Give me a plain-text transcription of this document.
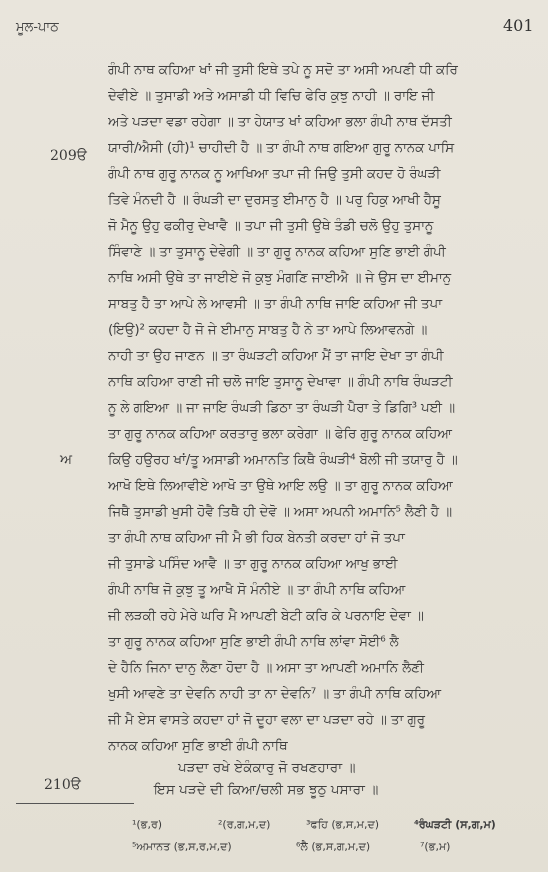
ਮੂਲ-ਪਾਠ	401
209ੳ
ਅ
210ੳ
ਗੰਪੀ ਨਾਥ ਕਹਿਆ ਖਾਂ ਜੀ ਤੁਸੀ ਇਥੇ ਤਪੇ ਨੂ ਸਦੋ ਤਾ ਅਸੀ ਅਪਣੀ ਧੀ ਕਰਿ
ਦੇਵੀਏ ॥ ਤੁਸਾਡੀ ਅਤੇ ਅਸਾਡੀ ਧੀ ਵਿਚਿ ਫੇਰਿ ਕੁਝੁ ਨਾਹੀ ॥ ਰਾਇ ਜੀ
ਅਤੇ ਪੜਦਾ ਵਡਾ ਰਹੇਗਾ ॥ ਤਾ ਹੇਯਾਤ ਖਾਂ ਕਹਿਆ ਭਲਾ ਗੰਪੀ ਨਾਥ ਦੱਸਤੀ
ਯਾਰੀ/ਐਸੀ (ਹੀ)¹ ਚਾਹੀਦੀ ਹੈ ॥ ਤਾ ਗੰਪੀ ਨਾਥ ਗਇਆ ਗੁਰੂ ਨਾਨਕ ਪਾਸਿ
ਗੰਪੀ ਨਾਥ ਗੁਰੂ ਨਾਨਕ ਨੂ ਆਖਿਆ ਤਪਾ ਜੀ ਜਿਉ ਤੁਸੀ ਕਹਦ ਹੋ ਰੰਘੜੀ
ਤਿਵੇ ਮੰਨਦੀ ਹੈ ॥ ਰੰਘੜੀ ਦਾ ਦੁਰਸਤੁ ਈਮਾਨੁ ਹੈ ॥ ਪਰੁ ਹਿਕੁ ਆਖੀ ਹੈਸੂ
ਜੋ ਮੈਨੂ ਉਹੁ ਫਕੀਰੁ ਦੇਖਾਵੈ ॥ ਤਪਾ ਜੀ ਤੁਸੀ ਉਥੇ ਤੰਡੀ ਚਲੋ ਉਹੁ ਤੁਸਾਨੂ
ਸਿੰਵਾਣੇ ॥ ਤਾ ਤੁਸਾਨੂ ਦੇਵੇਗੀ ॥ ਤਾ ਗੁਰੂ ਨਾਨਕ ਕਹਿਆ ਸੁਣਿ ਭਾਈ ਗੰਪੀ
ਨਾਥਿ ਅਸੀ ਉਥੇ ਤਾ ਜਾਈਏ ਜੋ ਕੁਝੁ ਮੰਗਣਿ ਜਾਈਐ ॥ ਜੇ ਉਸ ਦਾ ਈਮਾਨੁ
ਸਾਬਤੁ ਹੈ ਤਾ ਆਪੇ ਲੇ ਆਵਸੀ ॥ ਤਾ ਗੰਪੀ ਨਾਥਿ ਜਾਇ ਕਹਿਆ ਜੀ ਤਪਾ
(ਇਉ)² ਕਹਦਾ ਹੈ ਜੋ ਜੇ ਈਮਾਨੁ ਸਾਬਤੁ ਹੈ ਨੇ ਤਾ ਆਪੇ ਲਿਆਵਨਗੇ ॥
ਨਾਹੀ ਤਾ ਉਹ ਜਾਣਨ ॥ ਤਾ ਰੰਘੜਟੀ ਕਹਿਆ ਮੈਂ ਤਾ ਜਾਇ ਦੇਖਾ ਤਾ ਗੰਪੀ
ਨਾਥਿ ਕਹਿਆ ਰਾਣੀ ਜੀ ਚਲੋ ਜਾਇ ਤੁਸਾਨੂ ਦੇਖਾਵਾ ॥ ਗੰਪੀ ਨਾਥਿ ਰੰਘੜਟੀ
ਨੂ ਲੇ ਗਇਆ ॥ ਜਾ ਜਾਇ ਰੰਘੜੀ ਡਿਠਾ ਤਾ ਰੰਘੜੀ ਪੈਰਾ ਤੇ ਡਿਗਿ³ ਪਈ ॥
ਤਾ ਗੁਰੂ ਨਾਨਕ ਕਹਿਆ ਕਰਤਾਰੁ ਭਲਾ ਕਰੇਗਾ ॥ ਫੇਰਿ ਗੁਰੂ ਨਾਨਕ ਕਹਿਆ
ਕਿਉ ਹਉਰਹ ਖਾਂ/ਤੂ ਅਸਾਡੀ ਅਮਾਨਤਿ ਕਿਥੈ ਰੰਘੜੀ⁴ ਬੋਲੀ ਜੀ ਤਯਾਰੁ ਹੈ ॥
ਆਖੋ ਇਥੇ ਲਿਆਵੀਏ ਆਖੋ ਤਾ ਉਥੇ ਆਇ ਲਉ ॥ ਤਾ ਗੁਰੂ ਨਾਨਕ ਕਹਿਆ
ਜਿਥੈ ਤੁਸਾਡੀ ਖੁਸੀ ਹੋਵੈ ਤਿਥੈ ਹੀ ਦੇਵੋ ॥ ਅਸਾ ਅਪਨੀ ਅਮਾਨਿ⁵ ਲੈਣੀ ਹੈ ॥
ਤਾ ਗੰਪੀ ਨਾਥ ਕਹਿਆ ਜੀ ਮੈ ਭੀ ਹਿਕ ਬੇਨਤੀ ਕਰਦਾ ਹਾਂ ਜੋ ਤਪਾ
ਜੀ ਤੁਸਾਡੇ ਪਸਿੰਦ ਆਵੈ ॥ ਤਾ ਗੁਰੂ ਨਾਨਕ ਕਹਿਆ ਆਖੁ ਭਾਈ
ਗੰਪੀ ਨਾਥਿ ਜੋ ਕੁਝੁ ਤੂ ਆਖੈ ਸੋ ਮੰਨੀਏ ॥ ਤਾ ਗੰਪੀ ਨਾਥਿ ਕਹਿਆ
ਜੀ ਲੜਕੀ ਰਹੇ ਮੇਰੇ ਘਰਿ ਮੈ ਆਪਣੀ ਬੇਟੀ ਕਰਿ ਕੇ ਪਰਨਾਇ ਦੇਵਾ ॥
ਤਾ ਗੁਰੂ ਨਾਨਕ ਕਹਿਆ ਸੁਣਿ ਭਾਈ ਗੰਪੀ ਨਾਥਿ ਲਾਂਵਾ ਸੋਈ⁶ ਲੈ
ਦੇ ਹੈਨਿ ਜਿਨਾ ਦਾਨੁ ਲੈਣਾ ਹੋਦਾ ਹੈ ॥ ਅਸਾ ਤਾ ਆਪਣੀ ਅਮਾਨਿ ਲੈਣੀ
ਖੁਸੀ ਆਵਣੇ ਤਾ ਦੇਵਨਿ ਨਾਹੀ ਤਾ ਨਾ ਦੇਵਨਿ⁷ ॥ ਤਾ ਗੰਪੀ ਨਾਥਿ ਕਹਿਆ
ਜੀ ਮੈ ਏਸ ਵਾਸਤੇ ਕਹਦਾ ਹਾਂ ਜੋ ਦੂਹਾ ਵਲਾ ਦਾ ਪੜਦਾ ਰਹੇ ॥ ਤਾ ਗੁਰੂ
ਨਾਨਕ ਕਹਿਆ ਸੁਣਿ ਭਾਈ ਗੰਪੀ ਨਾਥਿ
ਪੜਦਾ ਰਖੇ ਏਕੰਕਾਰੁ ਜੋ ਰਖਣਹਾਰਾ ॥
ਇਸ ਪੜਦੇ ਦੀ ਕਿਆ/ਚਲੀ ਸਭ ਝੂਠੁ ਪਸਾਰਾ ॥
¹(ਭ,ਰ)	²(ਰ,ਗ,ਮ,ਦ)	³ਫਹਿ (ਭ,ਸ,ਮ,ਦ)	⁴ਰੰਘੜਟੀ (ਸ,ਗ,ਮ)
⁵ਅਮਾਨਤ (ਭ,ਸ,ਰ,ਮ,ਦ)	⁶ਲੈ (ਭ,ਸ,ਗ,ਮ,ਦ)	⁷(ਭ,ਮ)
